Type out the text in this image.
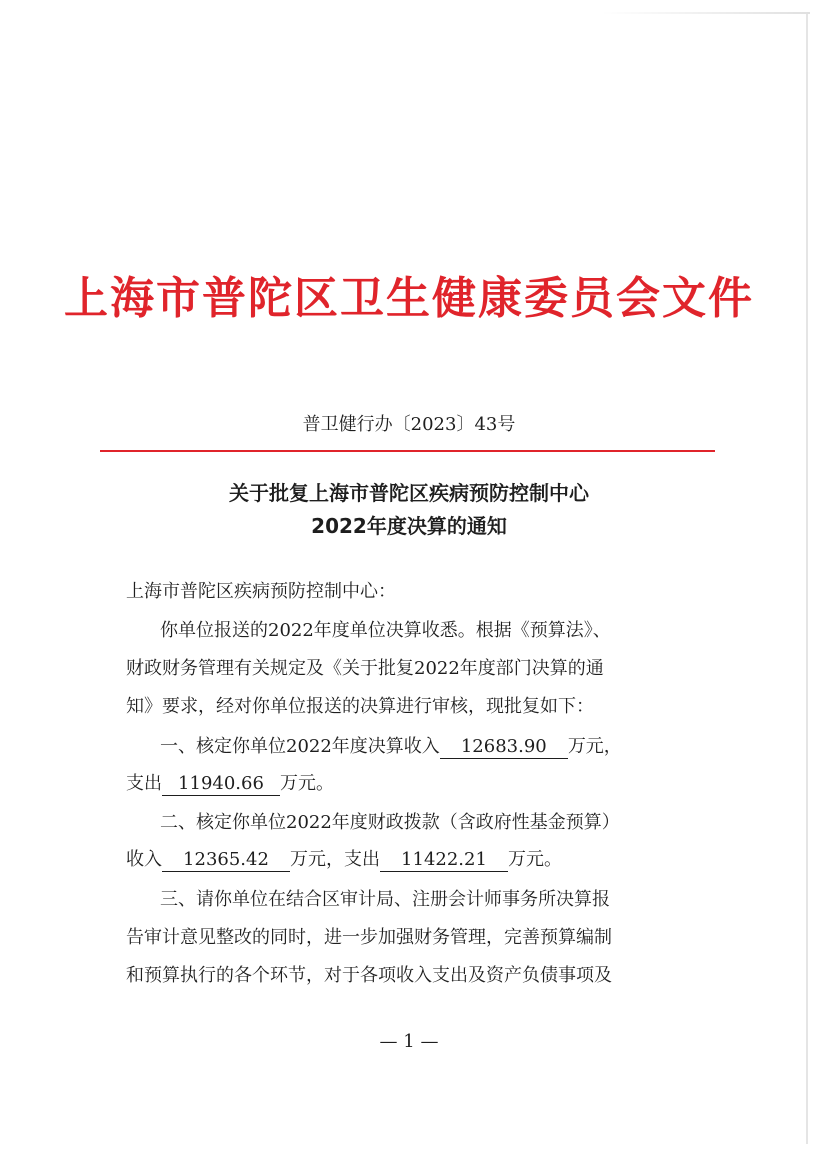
上海市普陀区卫生健康委员会文件
普卫健行办〔2023〕43号
关于批复上海市普陀区疾病预防控制中心
2022年度决算的通知
上海市普陀区疾病预防控制中心：
你单位报送的2022年度单位决算收悉。根据《预算法》、
财政财务管理有关规定及《关于批复2022年度部门决算的通
知》要求，经对你单位报送的决算进行审核，现批复如下：
一、核定你单位2022年度决算收入 12683.90 万元，
支出 11940.66 万元。
二、核定你单位2022年度财政拨款（含政府性基金预算）
收入 12365.42 万元，支出 11422.21 万元。
三、请你单位在结合区审计局、注册会计师事务所决算报
告审计意见整改的同时，进一步加强财务管理，完善预算编制
和预算执行的各个环节，对于各项收入支出及资产负债事项及
— 1 —
